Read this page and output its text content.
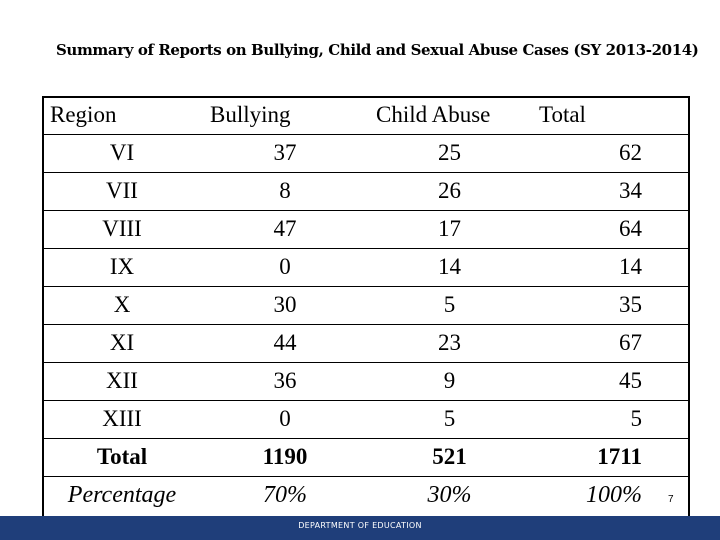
Summary of Reports on Bullying, Child and Sexual Abuse Cases (SY 2013-2014)
Region	Bullying	Child Abuse	Total
VI	37	25	62
VII	8	26	34
VIII	47	17	64
IX	0	14	14
X	30	5	35
XI	44	23	67
XII	36	9	45
XIII	0	5	5
Total	1190	521	1711
Percentage	70%	30%	100%	7
DEPARTMENT OF EDUCATION
